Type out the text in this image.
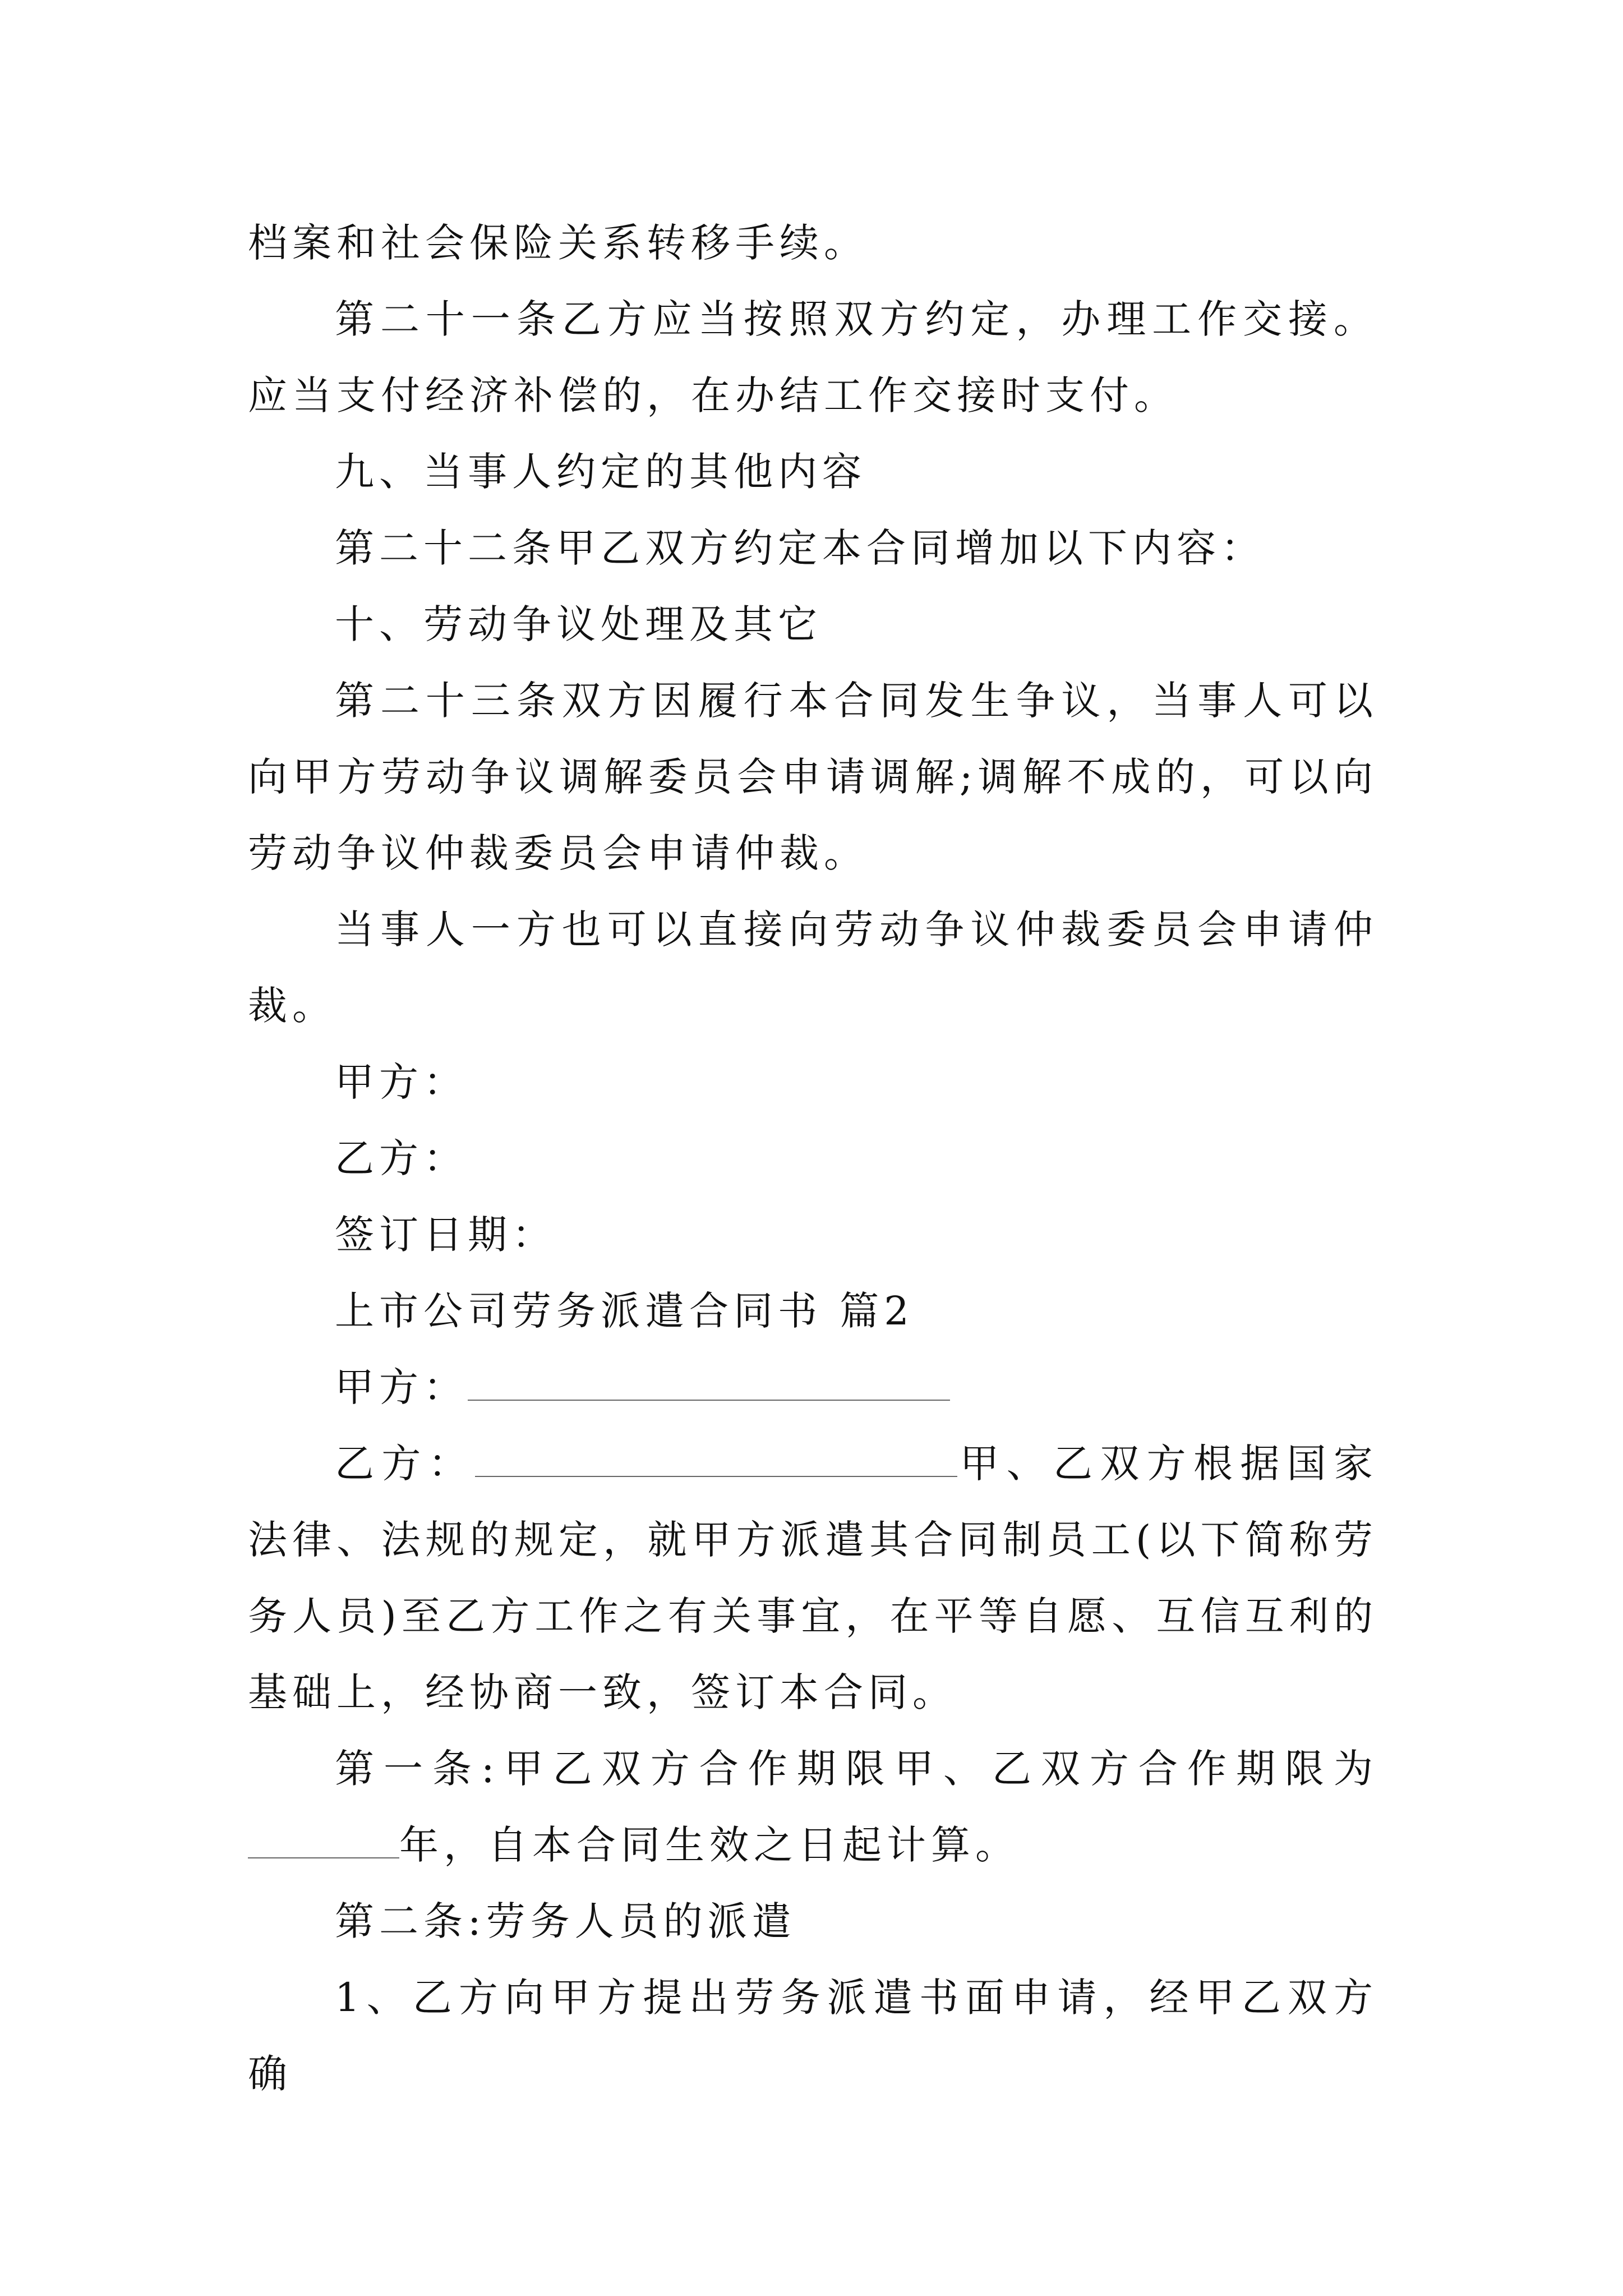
档案和社会保险关系转移手续。

第二十一条乙方应当按照双方约定，办理工作交接。应当支付经济补偿的，在办结工作交接时支付。

九、当事人约定的其他内容

第二十二条甲乙双方约定本合同增加以下内容：

十、劳动争议处理及其它

第二十三条双方因履行本合同发生争议，当事人可以向甲方劳动争议调解委员会申请调解;调解不成的，可以向劳动争议仲裁委员会申请仲裁。

当事人一方也可以直接向劳动争议仲裁委员会申请仲裁。

甲方：

乙方：

签订日期：

上市公司劳务派遣合同书 篇2

甲方：

乙方：	甲、乙双方根据国家法律、法规的规定，就甲方派遣其合同制员工(以下简称劳务人员)至乙方工作之有关事宜，在平等自愿、互信互利的基础上，经协商一致，签订本合同。

第一条:甲乙双方合作期限甲、乙双方合作期限为年，自本合同生效之日起计算。

第二条:劳务人员的派遣

1、乙方向甲方提出劳务派遣书面申请，经甲乙双方确
